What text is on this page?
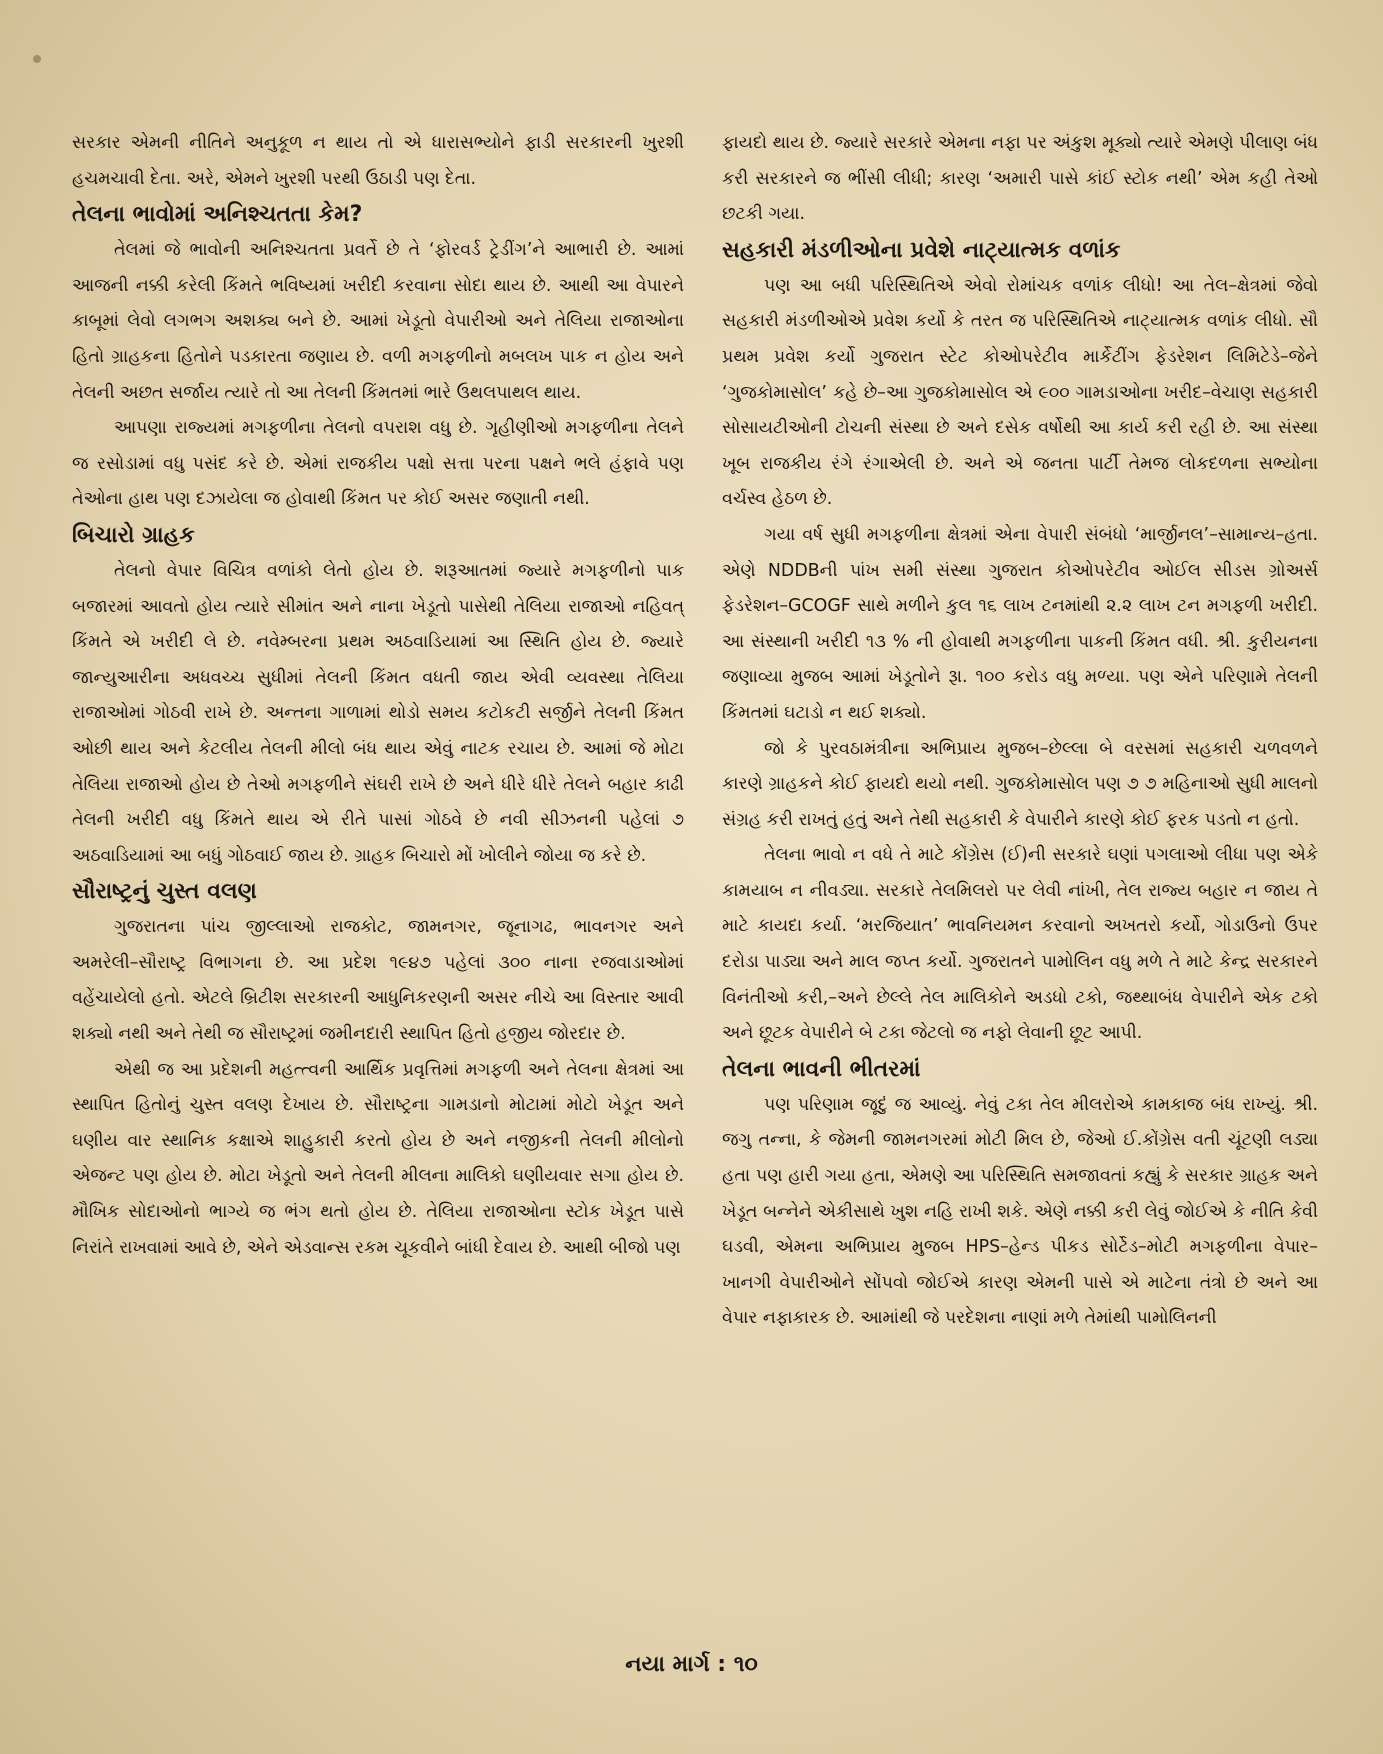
સરકાર એમની નીતિને અનુકૂળ ન થાય તો એ ધારાસભ્યોને ફાડી સરકારની ખુરશી હચમચાવી દેતા. અરે, એમને ખુરશી પરથી ઉઠાડી પણ દેતા.

તેલના ભાવોમાં અનિશ્ચતતા કેમ?

તેલમાં જે ભાવોની અનિશ્ચતતા પ્રવર્તે છે તે ‘ફોરવર્ડ ટ્રેડીંગ’ને આભારી છે. આમાં આજની નક્કી કરેલી કિંમતે ભવિષ્યમાં ખરીદી કરવાના સોદા થાય છે. આથી આ વેપારને કાબૂમાં લેવો લગભગ અશક્ય બને છે. આમાં ખેડૂતો વેપારીઓ અને તેલિયા રાજાઓના હિતો ગ્રાહકના હિતોને પડકારતા જણાય છે. વળી મગફળીનો મબલખ પાક ન હોય અને તેલની અછત સર્જાય ત્યારે તો આ તેલની કિંમતમાં ભારે ઉથલપાથલ થાય.

આપણા રાજ્યમાં મગફળીના તેલનો વપરાશ વધુ છે. ગૃહીણીઓ મગફળીના તેલને જ રસોડામાં વધુ પસંદ કરે છે. એમાં રાજકીય પક્ષો સત્તા પરના પક્ષને ભલે હંફાવે પણ તેઓના હાથ પણ દઝાયેલા જ હોવાથી કિંમત પર કોઈ અસર જણાતી નથી.

બિચારો ગ્રાહક

તેલનો વેપાર વિચિત્ર વળાંકો લેતો હોય છે. શરૂઆતમાં જ્યારે મગફળીનો પાક બજારમાં આવતો હોય ત્યારે સીમાંત અને નાના ખેડૂતો પાસેથી તેલિયા રાજાઓ નહિવત્ કિંમતે એ ખરીદી લે છે. નવેમ્બરના પ્રથમ અઠવાડિયામાં આ સ્થિતિ હોય છે. જ્યારે જાન્યુઆરીના અધવચ્ચ સુધીમાં તેલની કિંમત વધતી જાય એવી વ્યવસ્થા તેલિયા રાજાઓમાં ગોઠવી રાખે છે. અન્તના ગાળામાં થોડો સમય કટોકટી સર્જીને તેલની કિંમત ઓછી થાય અને કેટલીય તેલની મીલો બંધ થાય એવું નાટક રચાય છે. આમાં જે મોટા તેલિયા રાજાઓ હોય છે તેઓ મગફળીને સંઘરી રાખે છે અને ધીરે ધીરે તેલને બહાર કાઢી તેલની ખરીદી વધુ કિંમતે થાય એ રીતે પાસાં ગોઠવે છે નવી સીઝનની પહેલાં ૭ અઠવાડિયામાં આ બધું ગોઠવાઈ જાય છે. ગ્રાહક બિચારો મોં ખોલીને જોયા જ કરે છે.

સૌરાષ્ટ્રનું ચુસ્ત વલણ

ગુજરાતના પાંચ જીલ્લાઓ રાજકોટ, જામનગર, જૂનાગઢ, ભાવનગર અને અમરેલી–સૌરાષ્ટ્ર વિભાગના છે. આ પ્રદેશ ૧૯૪૭ પહેલાં ૩૦૦ નાના રજવાડાઓમાં વહેંચાયેલો હતો. એટલે બ્રિટીશ સરકારની આધુનિકરણની અસર નીચે આ વિસ્તાર આવી શક્યો નથી અને તેથી જ સૌરાષ્ટ્રમાં જમીનદારી સ્થાપિત હિતો હજીય જોરદાર છે.

એથી જ આ પ્રદેશની મહત્ત્વની આર્થિક પ્રવૃત્તિમાં મગફળી અને તેલના ક્ષેત્રમાં આ સ્થાપિત હિતોનું ચુસ્ત વલણ દેખાય છે. સૌરાષ્ટ્રના ગામડાનો મોટામાં મોટો ખેડૂત અને ઘણીય વાર સ્થાનિક કક્ષાએ શાહુકારી કરતો હોય છે અને નજીકની તેલની મીલોનો એજન્ટ પણ હોય છે. મોટા ખેડૂતો અને તેલની મીલના માલિકો ઘણીયવાર સગા હોય છે. મૌખિક સોદાઓનો ભાગ્યે જ ભંગ થતો હોય છે. તેલિયા રાજાઓના સ્ટોક ખેડૂત પાસે નિરાંતે રાખવામાં આવે છે, એને એડવાન્સ રકમ ચૂકવીને બાંધી દેવાય છે. આથી બીજો પણ

ફાયદો થાય છે. જ્યારે સરકારે એમના નફા પર અંકુશ મૂક્યો ત્યારે એમણે પીલાણ બંધ કરી સરકારને જ ભીંસી લીધી; કારણ ‘અમારી પાસે કાંઈ સ્ટોક નથી’ એમ કહી તેઓ છટકી ગયા.

સહકારી મંડળીઓના પ્રવેશે નાટ્યાત્મક વળાંક

પણ આ બધી પરિસ્થિતિએ એવો રોમાંચક વળાંક લીધો! આ તેલ–ક્ષેત્રમાં જેવો સહકારી મંડળીઓએ પ્રવેશ કર્યો કે તરત જ પરિસ્થિતિએ નાટ્યાત્મક વળાંક લીધો. સૌ પ્રથમ પ્રવેશ કર્યો ગુજરાત સ્ટેટ કોઓપરેટીવ માર્કેટીંગ ફેડરેશન લિમિટેડે–જેને ‘ગુજકોમાસોલ’ કહે છે–આ ગુજકોમાસોલ એ ૯૦૦ ગામડાઓના ખરીદ–વેચાણ સહકારી સોસાયટીઓની ટોચની સંસ્થા છે અને દસેક વર્ષોથી આ કાર્ય કરી રહી છે. આ સંસ્થા ખૂબ રાજકીય રંગે રંગાએલી છે. અને એ જનતા પાર્ટી તેમજ લોકદળના સભ્યોના વર્ચસ્વ હેઠળ છે.

ગયા વર્ષ સુધી મગફળીના ક્ષેત્રમાં એના વેપારી સંબંધો ‘માર્જીનલ’–સામાન્ય–હતા. એણે NDDBની પાંખ સમી સંસ્થા ગુજરાત કોઓપરેટીવ ઓઈલ સીડસ ગ્રોઅર્સ ફેડરેશન–GCOGF સાથે મળીને કુલ ૧૬ લાખ ટનમાંથી ૨.૨ લાખ ટન મગફળી ખરીદી. આ સંસ્થાની ખરીદી ૧૩ % ની હોવાથી મગફળીના પાકની કિંમત વધી. શ્રી. કુરીયનના જણાવ્યા મુજબ આમાં ખેડૂતોને રૂા. ૧૦૦ કરોડ વધુ મળ્યા. પણ એને પરિણામે તેલની કિંમતમાં ઘટાડો ન થઈ શક્યો.

જો કે પુરવઠામંત્રીના અભિપ્રાય મુજબ–છેલ્લા બે વરસમાં સહકારી ચળવળને કારણે ગ્રાહકને કોઈ ફાયદો થયો નથી. ગુજકોમાસોલ પણ ૭ ૭ મહિનાઓ સુધી માલનો સંગ્રહ કરી રાખતું હતું અને તેથી સહકારી કે વેપારીને કારણે કોઈ ફરક પડતો ન હતો.

તેલના ભાવો ન વધે તે માટે કોંગ્રેસ (ઈ)ની સરકારે ઘણાં પગલાઓ લીધા પણ એકે કામયાબ ન નીવડ્યા. સરકારે તેલમિલરો પર લેવી નાંખી, તેલ રાજ્ય બહાર ન જાય તે માટે કાયદા કર્યા. ‘મરજિયાત’ ભાવનિયમન કરવાનો અખતરો કર્યો, ગોડાઉનો ઉપર દરોડા પાડ્યા અને માલ જપ્ત કર્યો. ગુજરાતને પામોલિન વધુ મળે તે માટે કેન્દ્ર સરકારને વિનંતીઓ કરી,–અને છેલ્લે તેલ માલિકોને અડધો ટકો, જથ્થાબંધ વેપારીને એક ટકો અને છૂટક વેપારીને બે ટકા જેટલો જ નફો લેવાની છૂટ આપી.

તેલના ભાવની ભીતરમાં

પણ પરિણામ જૂદું જ આવ્યું. નેવું ટકા તેલ મીલરોએ કામકાજ બંધ રાખ્યું. શ્રી. જગુ તન્ના, કે જેમની જામનગરમાં મોટી મિલ છે, જેઓ ઈ.કોંગ્રેસ વતી ચૂંટણી લડ્યા હતા પણ હારી ગયા હતા, એમણે આ પરિસ્થિતિ સમજાવતાં કહ્યું કે સરકાર ગ્રાહક અને ખેડૂત બન્નેને એકીસાથે ખુશ નહિ રાખી શકે. એણે નક્કી કરી લેવું જોઈએ કે નીતિ કેવી ઘડવી, એમના અભિપ્રાય મુજબ HPS–હેન્ડ પીકડ સોર્ટેડ–મોટી મગફળીના વેપાર–ખાનગી વેપારીઓને સોંપવો જોઈએ કારણ એમની પાસે એ માટેના તંત્રો છે અને આ વેપાર નફાકારક છે. આમાંથી જે પરદેશના નાણાં મળે તેમાંથી પામોલિનની

નયા માર્ગ : ૧૦
